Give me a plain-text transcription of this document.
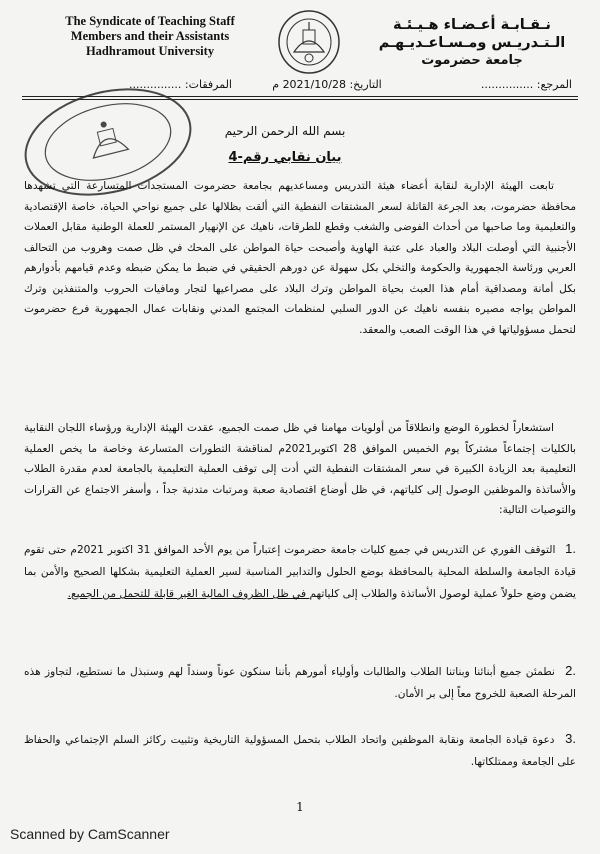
The Syndicate of Teaching Staff
Members and their Assistants
Hadhramout University
نـقـابـة أعـضـاء هـيـئـة
الـتـدريـس ومـسـاعـديـهـم
جامعة حضرموت
المرفقات: ...............	التاريخ: 2021/10/28 م	المرجع: ...............
بسم الله الرحمن الرحيم
بيان نقابي رقم-4
تابعت الهيئة الإدارية لنقابة أعضاء هيئة التدريس ومساعديهم بجامعة حضرموت المستجدات المتسارعة التي تشهدها محافظة حضرموت، بعد الجرعة القاتلة لسعر المشتقات النفطية التي ألقت بظلالها على جميع نواحي الحياة، خاصة الإقتصادية والتعليمية وما صاحبها من أحداث الفوضى والشغب وقطع للطرقات، ناهيك عن الإنهيار المستمر للعملة الوطنية مقابل العملات الأجنبية التي أوصلت البلاد والعباد على عتبة الهاوية وأصبحت حياة المواطن على المحك في ظل صمت وهروب من التحالف العربي ورئاسة الجمهورية والحكومة والتخلي بكل سهولة عن دورهم الحقيقي في ضبط ما يمكن ضبطه وعدم قيامهم بأدوارهم بكل أمانة ومصداقية أمام هذا العبث بحياة المواطن وترك البلاد على مصراعيها لتجار ومافيات الحروب والمتنفذين وترك المواطن يواجه مصيره بنفسه ناهيك عن الدور السلبي لمنظمات المجتمع المدني ونقابات عمال الجمهورية فرع حضرموت لتحمل مسؤولياتها في هذا الوقت الصعب والمعقد.
استشعاراً لخطورة الوضع وانطلاقاً من أولويات مهامنا في ظل صمت الجميع، عقدت الهيئة الإدارية ورؤساء اللجان النقابية بالكليات إجتماعاً مشتركاً يوم الخميس الموافق 28 اكتوبر2021م لمناقشة التطورات المتسارعة وخاصة ما يخص العملية التعليمية بعد الزيادة الكبيرة في سعر المشتقات النفطية التي أدت إلى توقف العملية التعليمية بالجامعة لعدم مقدرة الطلاب والأساتذة والموظفين الوصول إلى كلياتهم، في ظل أوضاع اقتصادية صعبة ومرتبات متدنية جداً ، وأسفر الاجتماع عن القرارات والتوصيات التالية:
.1 التوقف الفوري عن التدريس في جميع كليات جامعة حضرموت إعتباراً من يوم الأحد الموافق 31 اكتوبر 2021م حتى تقوم قيادة الجامعة والسلطة المحلية بالمحافظة بوضع الحلول والتدابير المناسبة لسير العملية التعليمية بشكلها الصحيح والأمن بما يضمن وضع حلولاً عملية لوصول الأساتذة والطلاب إلى كلياتهم في ظل الظروف المالية الغير قابلة للتحمل من الجميع.
.2 نطمئن جميع أبنائنا وبناتنا الطلاب والطالبات وأولياء أمورهم بأننا سنكون عوناً وسنداً لهم وسنبذل ما نستطيع، لتجاوز هذه المرحلة الصعبة للخروج معاً إلى بر الأمان.
.3 دعوة قيادة الجامعة ونقابة الموظفين واتحاد الطلاب بتحمل المسؤولية التاريخية وتثبيت ركائز السلم الإجتماعي والحفاظ على الجامعة وممتلكاتها.
1
Scanned by CamScanner
